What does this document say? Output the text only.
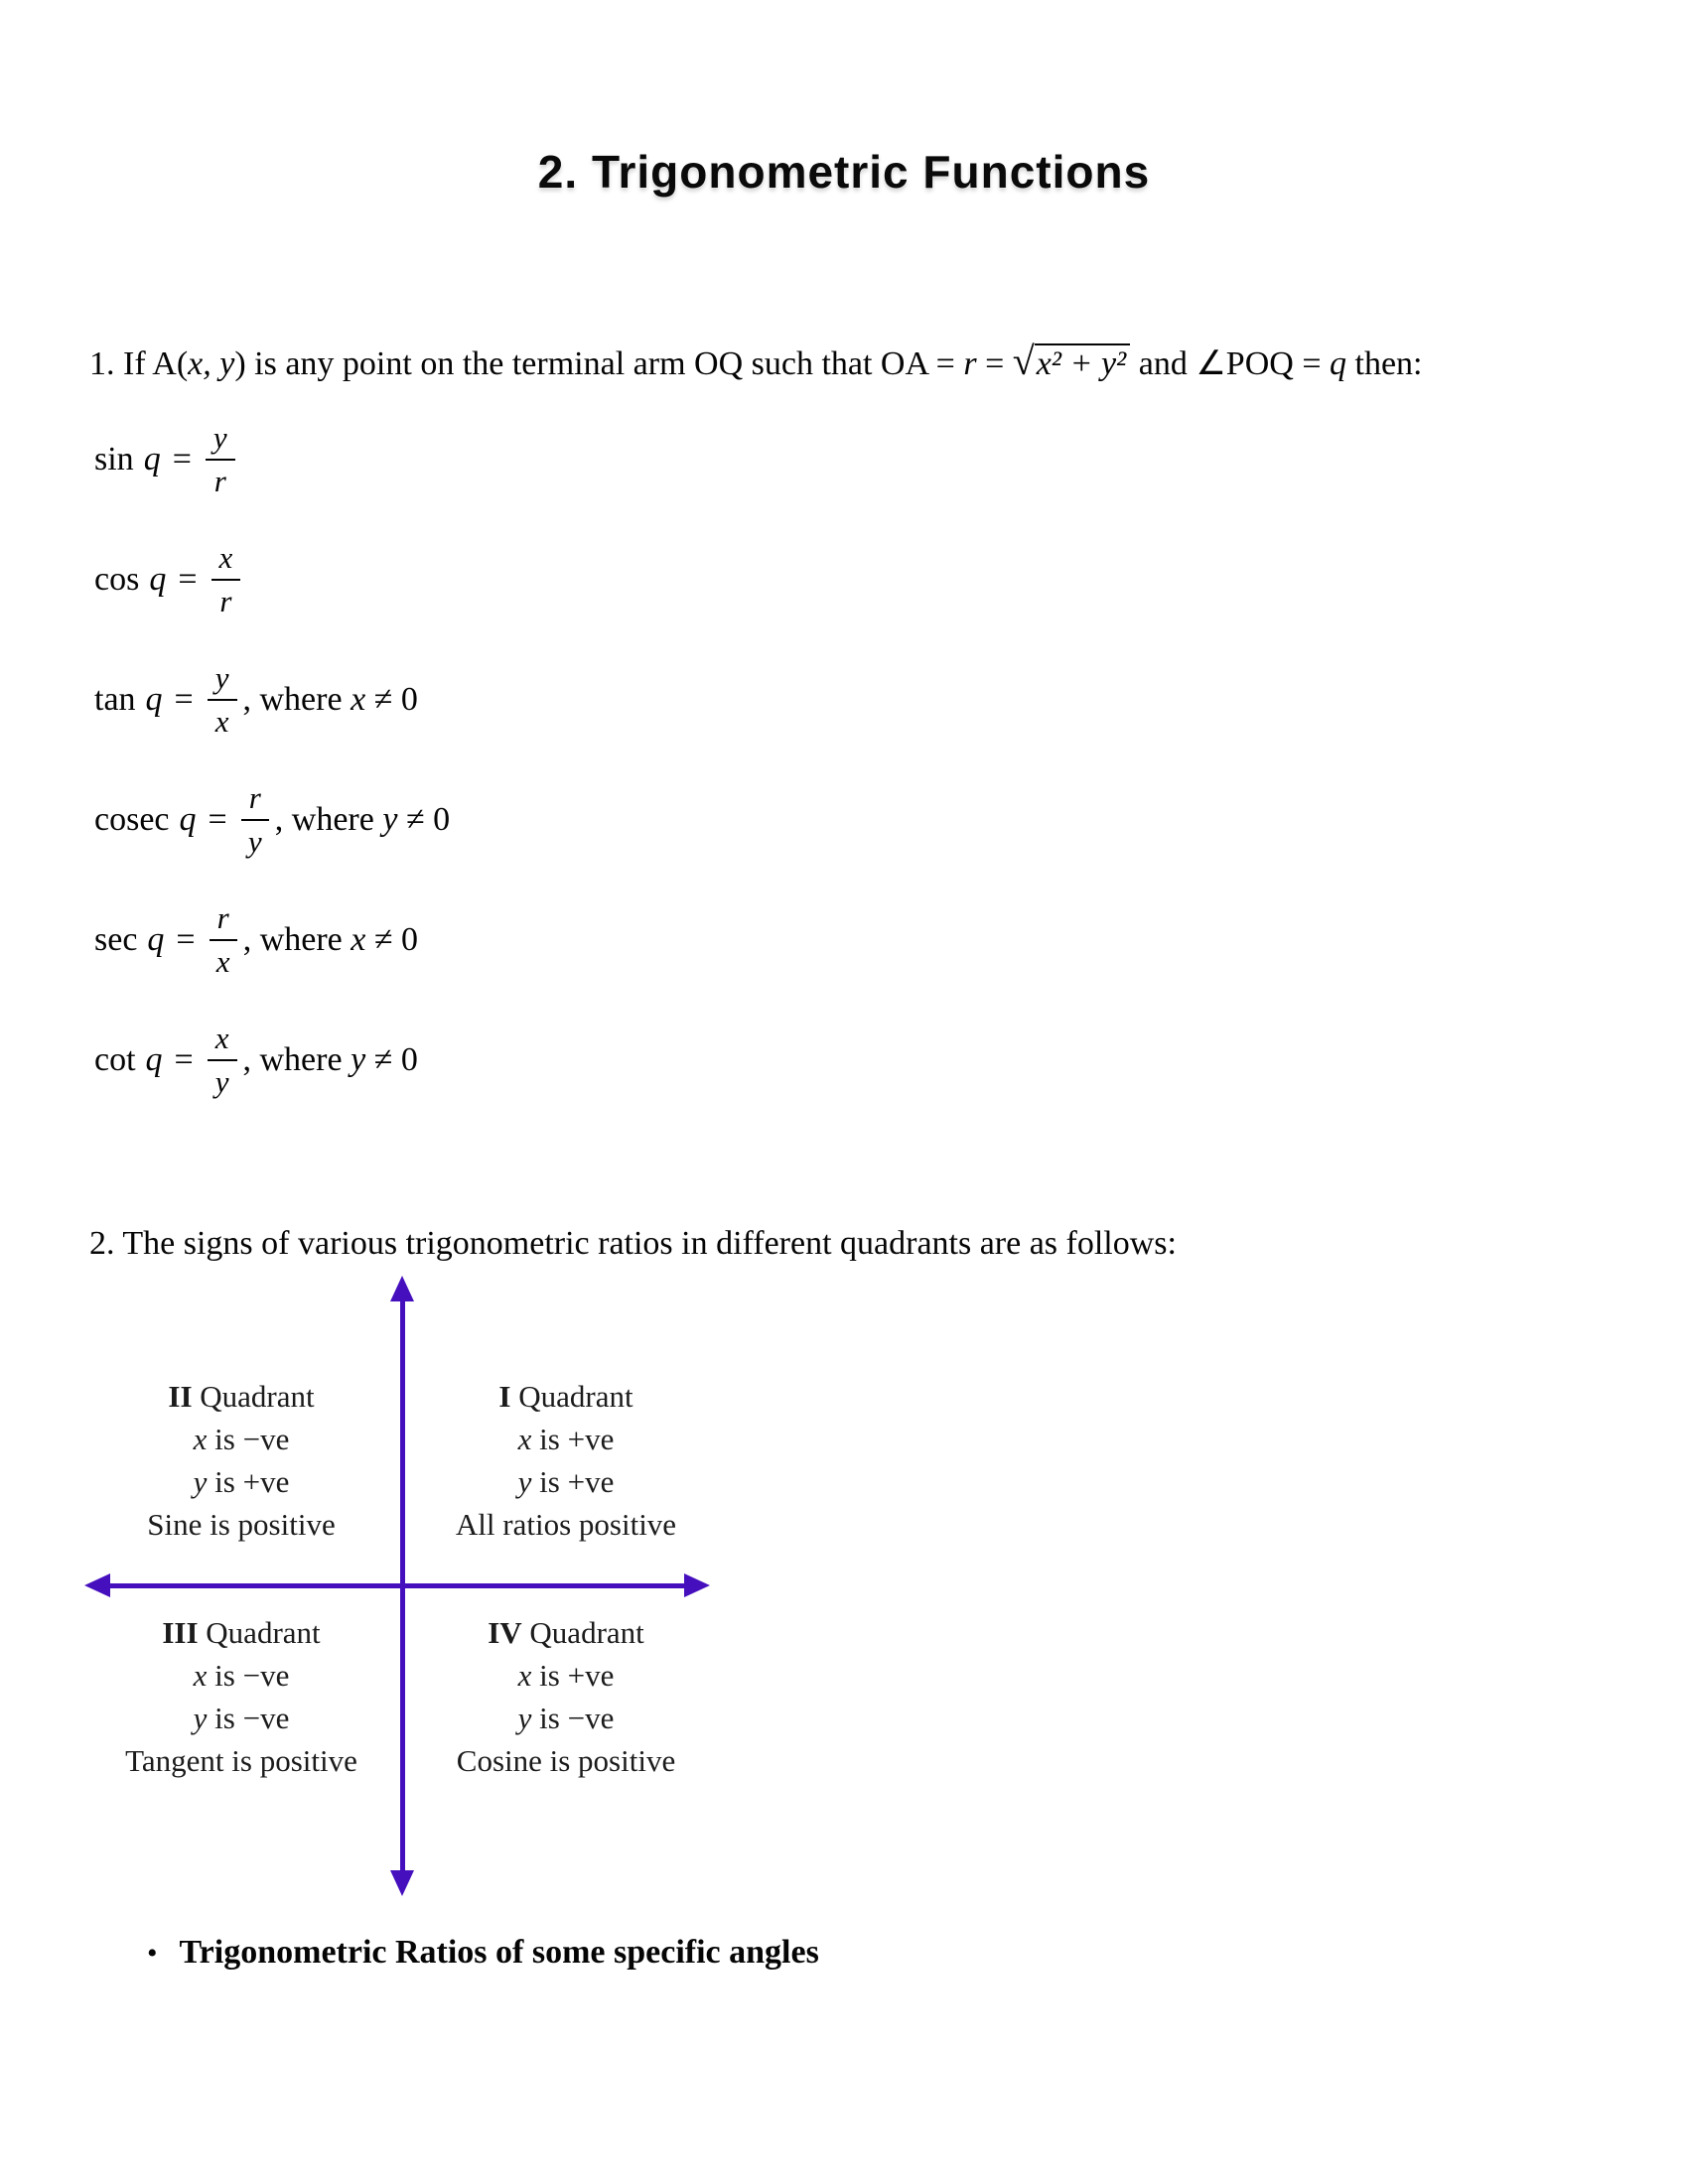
2. Trigonometric Functions

1. If A(x, y) is any point on the terminal arm OQ such that OA = r = √x² + y² and ∠POQ = q then:

$\sin q = \frac{y}{r}$
$\cos q = \frac{x}{r}$
$\tan q = \frac{y}{x}$ , where x ≠ 0
cosec $q = \frac{r}{y}$ , where y ≠ 0
$\sec q = \frac{r}{x}$ , where x ≠ 0
$\cot q = \frac{x}{y}$ , where y ≠ 0

2. The signs of various trigonometric ratios in different quadrants are as follows:

II Quadrant
x is −ve
y is +ve
Sine is positive
I Quadrant
x is +ve
y is +ve
All ratios positive
III Quadrant
x is −ve
y is −ve
Tangent is positive
IV Quadrant
x is +ve
y is −ve
Cosine is positive
• Trigonometric Ratios of some specific angles
